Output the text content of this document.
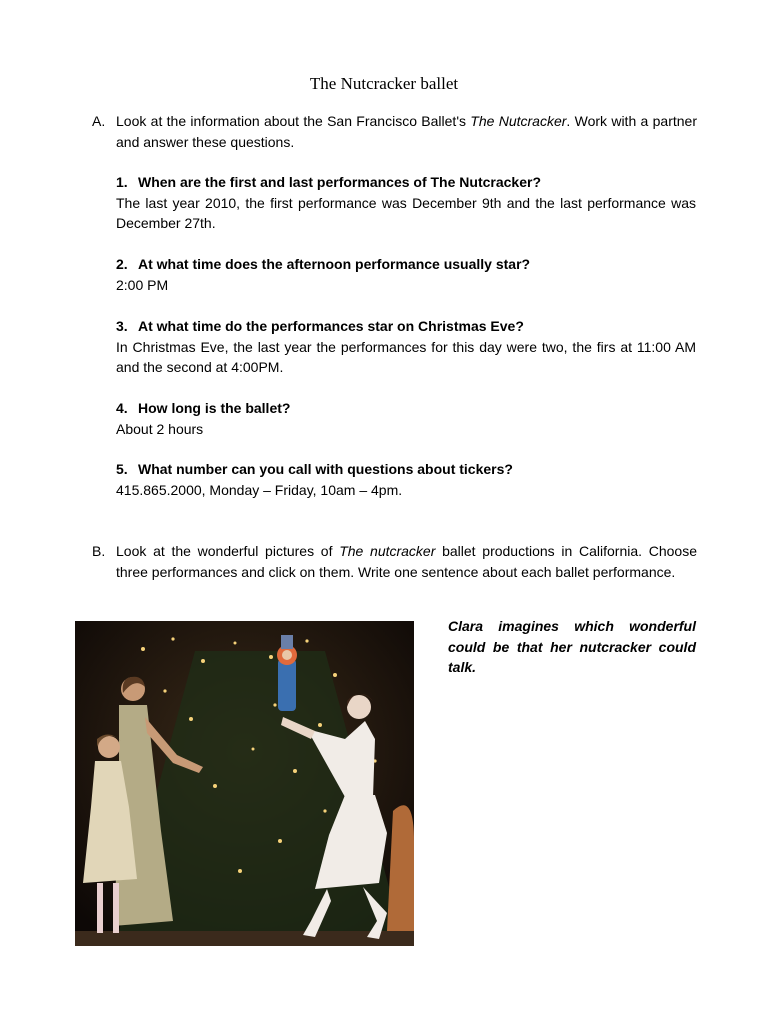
The Nutcracker ballet
A. Look at the information about the San Francisco Ballet's The Nutcracker. Work with a partner and answer these questions.
1. When are the first and last performances of The Nutcracker?
The last year 2010, the first performance was December 9th and the last performance was December 27th.
2. At what time does the afternoon performance usually star?
2:00 PM
3. At what time do the performances star on Christmas Eve?
In Christmas Eve, the last year the performances for this day were two, the firs at 11:00 AM and the second at 4:00PM.
4. How long is the ballet?
About 2 hours
5. What number can you call with questions about tickers?
415.865.2000, Monday – Friday, 10am – 4pm.
B. Look at the wonderful pictures of The nutcracker ballet productions in California. Choose three performances and click on them. Write one sentence about each ballet performance.
Clara imagines which wonderful could be that her nutcracker could talk.
